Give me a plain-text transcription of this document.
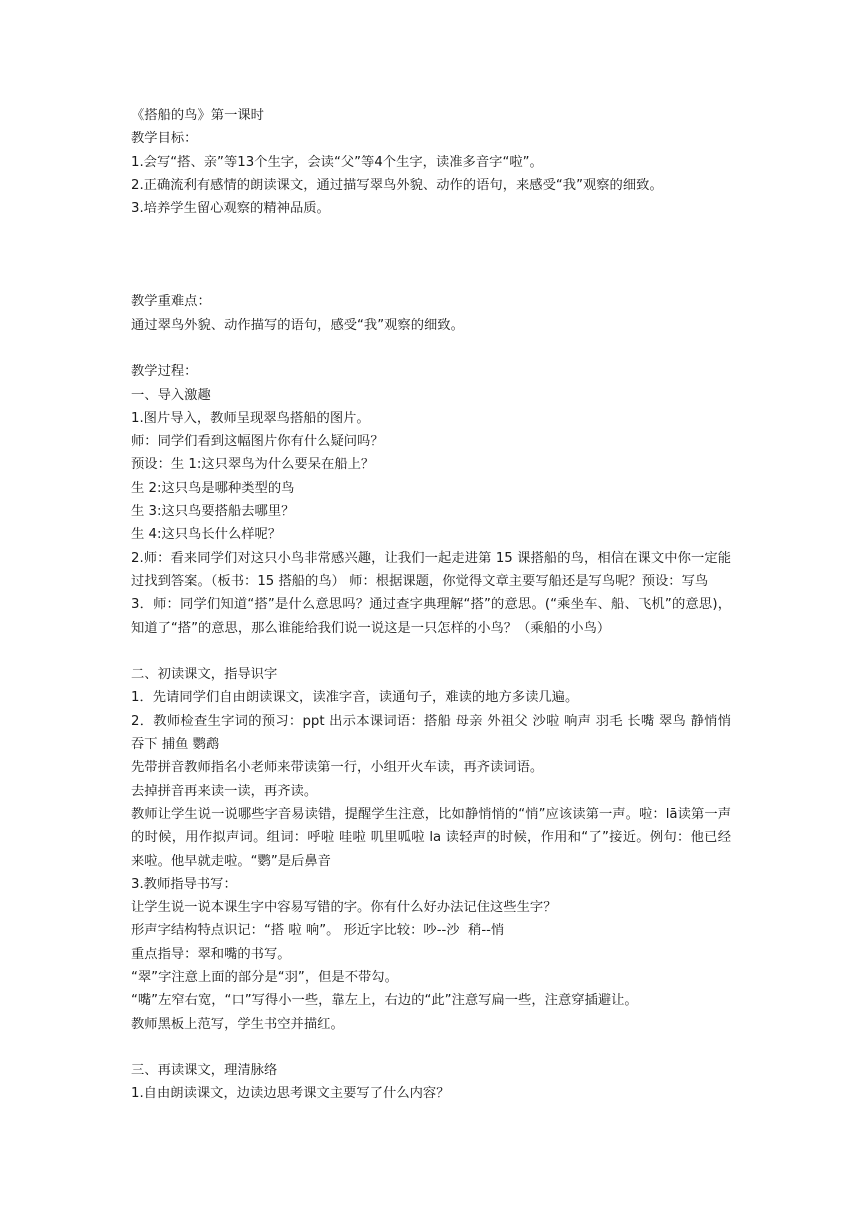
《搭船的鸟》第一课时
教学目标：
1.会写“搭、亲”等13个生字，会读“父”等4个生字，读准多音字“啦”。
2.正确流利有感情的朗读课文，通过描写翠鸟外貌、动作的语句，来感受“我”观察的细致。
3.培养学生留心观察的精神品质。
教学重难点：
通过翠鸟外貌、动作描写的语句，感受“我”观察的细致。
教学过程：
一、导入激趣
1.图片导入，教师呈现翠鸟搭船的图片。
师：同学们看到这幅图片你有什么疑问吗？
预设：生 1:这只翠鸟为什么要呆在船上？
生 2:这只鸟是哪种类型的鸟
生 3:这只鸟要搭船去哪里？
生 4:这只鸟长什么样呢？
2.师：看来同学们对这只小鸟非常感兴趣，让我们一起走进第 15 课搭船的鸟，相信在课文中你一定能过找到答案。（板书：15 搭船的鸟） 师：根据课题，你觉得文章主要写船还是写鸟呢？预设：写鸟
3．师：同学们知道“搭”是什么意思吗？通过查字典理解“搭”的意思。(“乘坐车、船、飞机”的意思)，知道了“搭”的意思，那么谁能给我们说一说这是一只怎样的小鸟？（乘船的小鸟）
二、初读课文，指导识字
1．先请同学们自由朗读课文，读准字音，读通句子，难读的地方多读几遍。
2．教师检查生字词的预习：ppt 出示本课词语：搭船 母亲 外祖父 沙啦 响声 羽毛 长嘴 翠鸟 静悄悄 吞下 捕鱼 鹦鹉
先带拼音教师指名小老师来带读第一行，小组开火车读，再齐读词语。
去掉拼音再来读一读，再齐读。
教师让学生说一说哪些字音易读错，提醒学生注意，比如静悄悄的“悄”应该读第一声。啦：lā读第一声的时候，用作拟声词。组词：呼啦 哇啦 叽里呱啦 la 读轻声的时候，作用和“了”接近。例句：他已经来啦。他早就走啦。“鹦”是后鼻音
3.教师指导书写：
让学生说一说本课生字中容易写错的字。你有什么好办法记住这些生字？
形声字结构特点识记：“搭 啦 响”。 形近字比较：吵--沙  稍--悄
重点指导：翠和嘴的书写。
“翠”字注意上面的部分是“羽”，但是不带勾。
“嘴”左窄右宽，“口”写得小一些，靠左上，右边的“此”注意写扁一些，注意穿插避让。
教师黑板上范写，学生书空并描红。
三、再读课文，理清脉络
1.自由朗读课文，边读边思考课文主要写了什么内容？
